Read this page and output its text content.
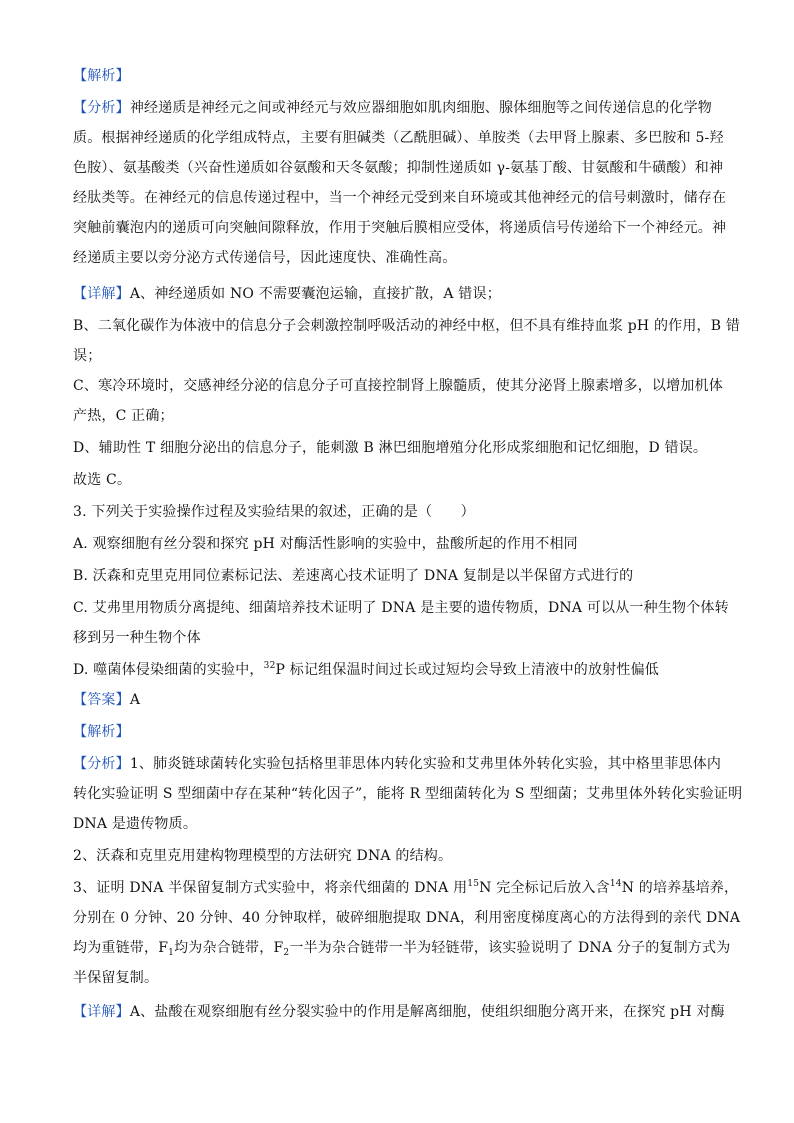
【解析】
【分析】神经递质是神经元之间或神经元与效应器细胞如肌肉细胞、腺体细胞等之间传递信息的化学物
质。根据神经递质的化学组成特点，主要有胆碱类（乙酰胆碱）、单胺类（去甲肾上腺素、多巴胺和 5-羟
色胺）、氨基酸类（兴奋性递质如谷氨酸和天冬氨酸；抑制性递质如 γ-氨基丁酸、甘氨酸和牛磺酸）和神
经肽类等。在神经元的信息传递过程中，当一个神经元受到来自环境或其他神经元的信号刺激时，储存在
突触前囊泡内的递质可向突触间隙释放，作用于突触后膜相应受体，将递质信号传递给下一个神经元。神
经递质主要以旁分泌方式传递信号，因此速度快、准确性高。
【详解】A、神经递质如 NO 不需要囊泡运输，直接扩散，A 错误；
B、二氧化碳作为体液中的信息分子会刺激控制呼吸活动的神经中枢，但不具有维持血浆 pH 的作用，B 错
误；
C、寒冷环境时，交感神经分泌的信息分子可直接控制肾上腺髓质，使其分泌肾上腺素增多，以增加机体
产热，C 正确；
D、辅助性 T 细胞分泌出的信息分子，能刺激 B 淋巴细胞增殖分化形成浆细胞和记忆细胞，D 错误。
故选 C。
3. 下列关于实验操作过程及实验结果的叙述，正确的是（　　）
A. 观察细胞有丝分裂和探究 pH 对酶活性影响的实验中，盐酸所起的作用不相同
B. 沃森和克里克用同位素标记法、差速离心技术证明了 DNA 复制是以半保留方式进行的
C. 艾弗里用物质分离提纯、细菌培养技术证明了 DNA 是主要的遗传物质，DNA 可以从一种生物个体转
移到另一种生物个体
D. 噬菌体侵染细菌的实验中，$^{32}$P 标记组保温时间过长或过短均会导致上清液中的放射性偏低
【答案】A
【解析】
【分析】1、肺炎链球菌转化实验包括格里菲思体内转化实验和艾弗里体外转化实验，其中格里菲思体内
转化实验证明 S 型细菌中存在某种“转化因子”，能将 R 型细菌转化为 S 型细菌；艾弗里体外转化实验证明
DNA 是遗传物质。
2、沃森和克里克用建构物理模型的方法研究 DNA 的结构。
3、证明 DNA 半保留复制方式实验中，将亲代细菌的 DNA 用$^{15}$N 完全标记后放入含$^{14}$N 的培养基培养，
分别在 0 分钟、20 分钟、40 分钟取样，破碎细胞提取 DNA，利用密度梯度离心的方法得到的亲代 DNA
均为重链带，$F_1$均为杂合链带，$F_2$一半为杂合链带一半为轻链带，该实验说明了 DNA 分子的复制方式为
半保留复制。
【详解】A、盐酸在观察细胞有丝分裂实验中的作用是解离细胞，使组织细胞分离开来，在探究 pH 对酶
